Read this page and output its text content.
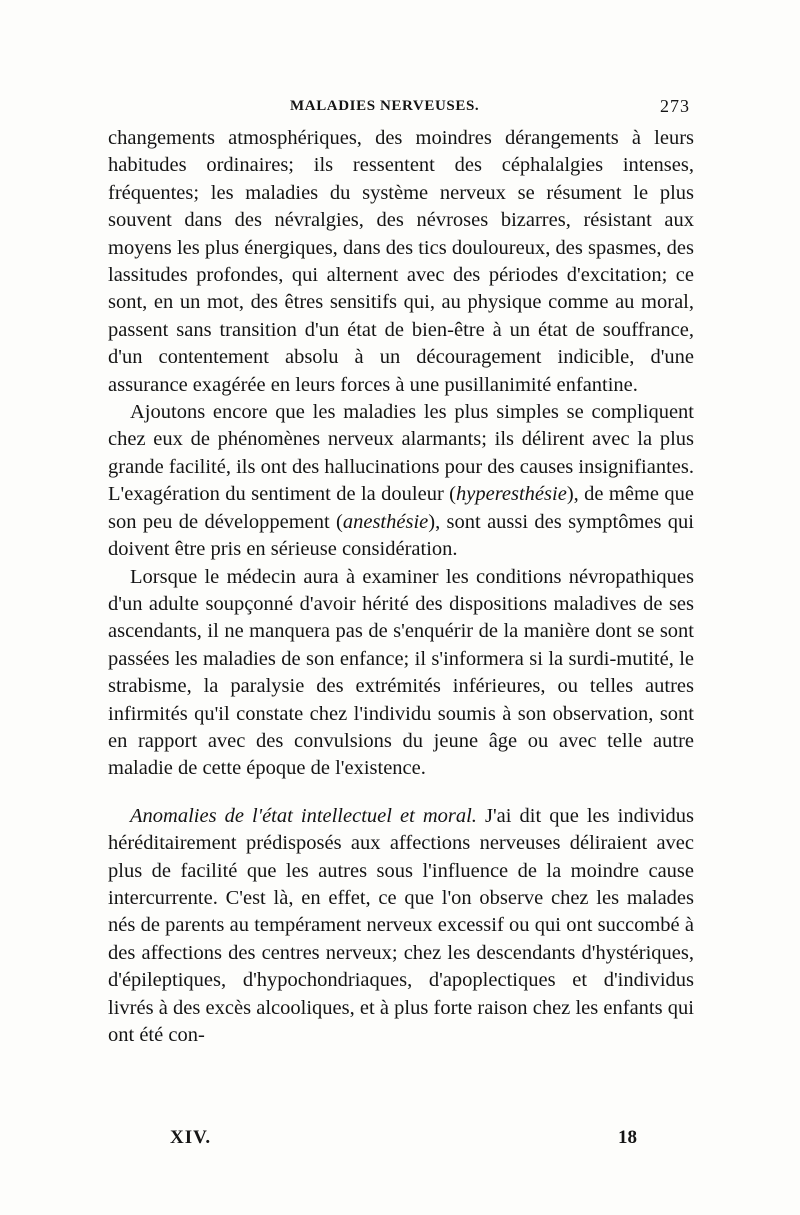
MALADIES NERVEUSES.	273

changements atmosphériques, des moindres dérangements à leurs habitudes ordinaires; ils ressentent des céphalalgies intenses, fréquentes; les maladies du système nerveux se résument le plus souvent dans des névralgies, des névroses bizarres, résistant aux moyens les plus énergiques, dans des tics douloureux, des spasmes, des lassitudes profondes, qui alternent avec des périodes d'excitation; ce sont, en un mot, des êtres sensitifs qui, au physique comme au moral, passent sans transition d'un état de bien-être à un état de souffrance, d'un contentement absolu à un découragement indicible, d'une assurance exagérée en leurs forces à une pusillanimité enfantine.

Ajoutons encore que les maladies les plus simples se compliquent chez eux de phénomènes nerveux alarmants; ils délirent avec la plus grande facilité, ils ont des hallucinations pour des causes insignifiantes. L'exagération du sentiment de la douleur (hyperesthésie), de même que son peu de développement (anesthésie), sont aussi des symptômes qui doivent être pris en sérieuse considération.

Lorsque le médecin aura à examiner les conditions névropathiques d'un adulte soupçonné d'avoir hérité des dispositions maladives de ses ascendants, il ne manquera pas de s'enquérir de la manière dont se sont passées les maladies de son enfance; il s'informera si la surdi-mutité, le strabisme, la paralysie des extrémités inférieures, ou telles autres infirmités qu'il constate chez l'individu soumis à son observation, sont en rapport avec des convulsions du jeune âge ou avec telle autre maladie de cette époque de l'existence.

Anomalies de l'état intellectuel et moral. J'ai dit que les individus héréditairement prédisposés aux affections nerveuses déliraient avec plus de facilité que les autres sous l'influence de la moindre cause intercurrente. C'est là, en effet, ce que l'on observe chez les malades nés de parents au tempérament nerveux excessif ou qui ont succombé à des affections des centres nerveux; chez les descendants d'hystériques, d'épileptiques, d'hypochondriaques, d'apoplectiques et d'individus livrés à des excès alcooliques, et à plus forte raison chez les enfants qui ont été con-

XIV.	18
